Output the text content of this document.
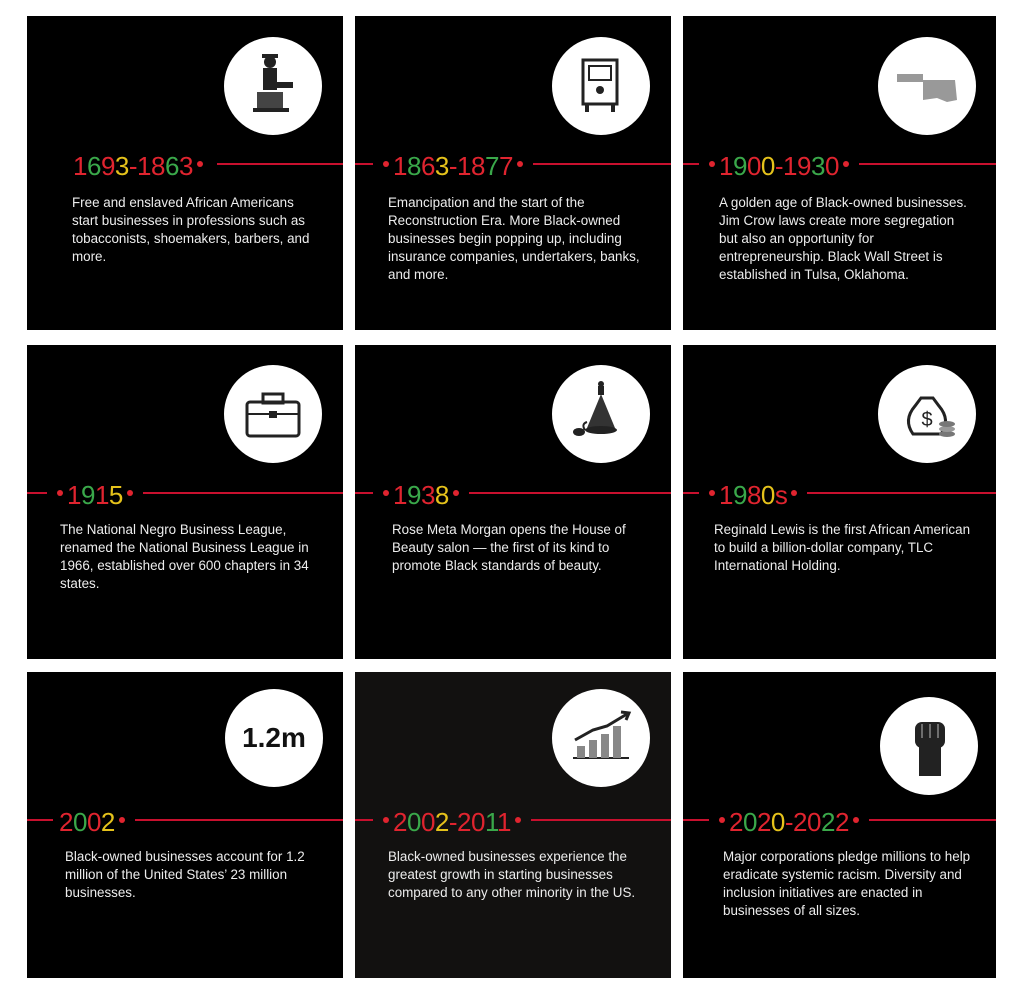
1693-1863

Free and enslaved African Americans start businesses in professions such as tobacconists, shoemakers, barbers, and more.

1863-1877

Emancipation and the start of the Reconstruction Era. More Black-owned businesses begin popping up, including insurance companies, undertakers, banks, and more.

1900-1930

A golden age of Black-owned businesses. Jim Crow laws create more segregation but also an opportunity for entrepreneurship. Black Wall Street is established in Tulsa, Oklahoma.

1915

The National Negro Business League, renamed the National Business League in 1966, established over 600 chapters in 34 states.

1938

Rose Meta Morgan opens the House of Beauty salon — the first of its kind to promote Black standards of beauty.

$
1980s

Reginald Lewis is the first African American to build a billion-dollar company, TLC International Holding.

1.2m
2002

Black-owned businesses account for 1.2 million of the United States’ 23 million businesses.

2002-2011

Black-owned businesses experience the greatest growth in starting businesses compared to any other minority in the US.

2020-2022

Major corporations pledge millions to help eradicate systemic racism. Diversity and inclusion initiatives are enacted in businesses of all sizes.
